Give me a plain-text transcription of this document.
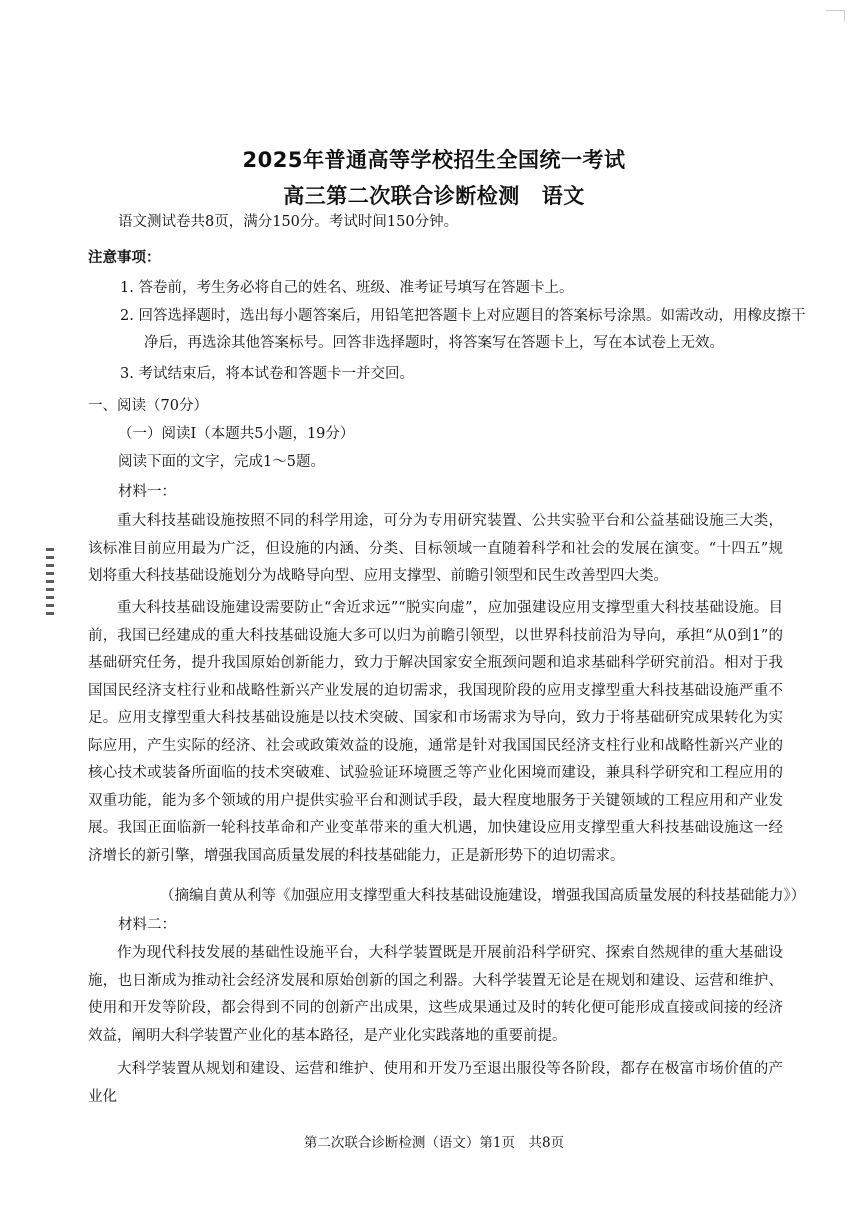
2025年普通高等学校招生全国统一考试
高三第二次联合诊断检测 语文
语文测试卷共8页，满分150分。考试时间150分钟。
注意事项：
1. 答卷前，考生务必将自己的姓名、班级、准考证号填写在答题卡上。
2. 回答选择题时，选出每小题答案后，用铅笔把答题卡上对应题目的答案标号涂黑。如需改动，用橡皮擦干
净后，再选涂其他答案标号。回答非选择题时，将答案写在答题卡上，写在本试卷上无效。
3. 考试结束后，将本试卷和答题卡一并交回。
一、阅读（70分）
（一）阅读Ⅰ（本题共5小题，19分）
阅读下面的文字，完成1～5题。
材料一：

重大科技基础设施按照不同的科学用途，可分为专用研究装置、公共实验平台和公益基础设施三大类，该标准目前应用最为广泛，但设施的内涵、分类、目标领域一直随着科学和社会的发展在演变。“十四五”规划将重大科技基础设施划分为战略导向型、应用支撑型、前瞻引领型和民生改善型四大类。

重大科技基础设施建设需要防止“舍近求远”“脱实向虚”，应加强建设应用支撑型重大科技基础设施。目前，我国已经建成的重大科技基础设施大多可以归为前瞻引领型，以世界科技前沿为导向，承担“从0到1”的基础研究任务，提升我国原始创新能力，致力于解决国家安全瓶颈问题和追求基础科学研究前沿。相对于我国国民经济支柱行业和战略性新兴产业发展的迫切需求，我国现阶段的应用支撑型重大科技基础设施严重不足。应用支撑型重大科技基础设施是以技术突破、国家和市场需求为导向，致力于将基础研究成果转化为实际应用，产生实际的经济、社会或政策效益的设施，通常是针对我国国民经济支柱行业和战略性新兴产业的核心技术或装备所面临的技术突破难、试验验证环境匮乏等产业化困境而建设，兼具科学研究和工程应用的双重功能，能为多个领域的用户提供实验平台和测试手段，最大程度地服务于关键领域的工程应用和产业发展。我国正面临新一轮科技革命和产业变革带来的重大机遇，加快建设应用支撑型重大科技基础设施这一经济增长的新引擎，增强我国高质量发展的科技基础能力，正是新形势下的迫切需求。

（摘编自黄从利等《加强应用支撑型重大科技基础设施建设，增强我国高质量发展的科技基础能力》）
材料二：

作为现代科技发展的基础性设施平台，大科学装置既是开展前沿科学研究、探索自然规律的重大基础设施，也日渐成为推动社会经济发展和原始创新的国之利器。大科学装置无论是在规划和建设、运营和维护、使用和开发等阶段，都会得到不同的创新产出成果，这些成果通过及时的转化便可能形成直接或间接的经济效益，阐明大科学装置产业化的基本路径，是产业化实践落地的重要前提。

大科学装置从规划和建设、运营和维护、使用和开发乃至退出服役等各阶段，都存在极富市场价值的产业化

第二次联合诊断检测（语文）第1页　共8页
